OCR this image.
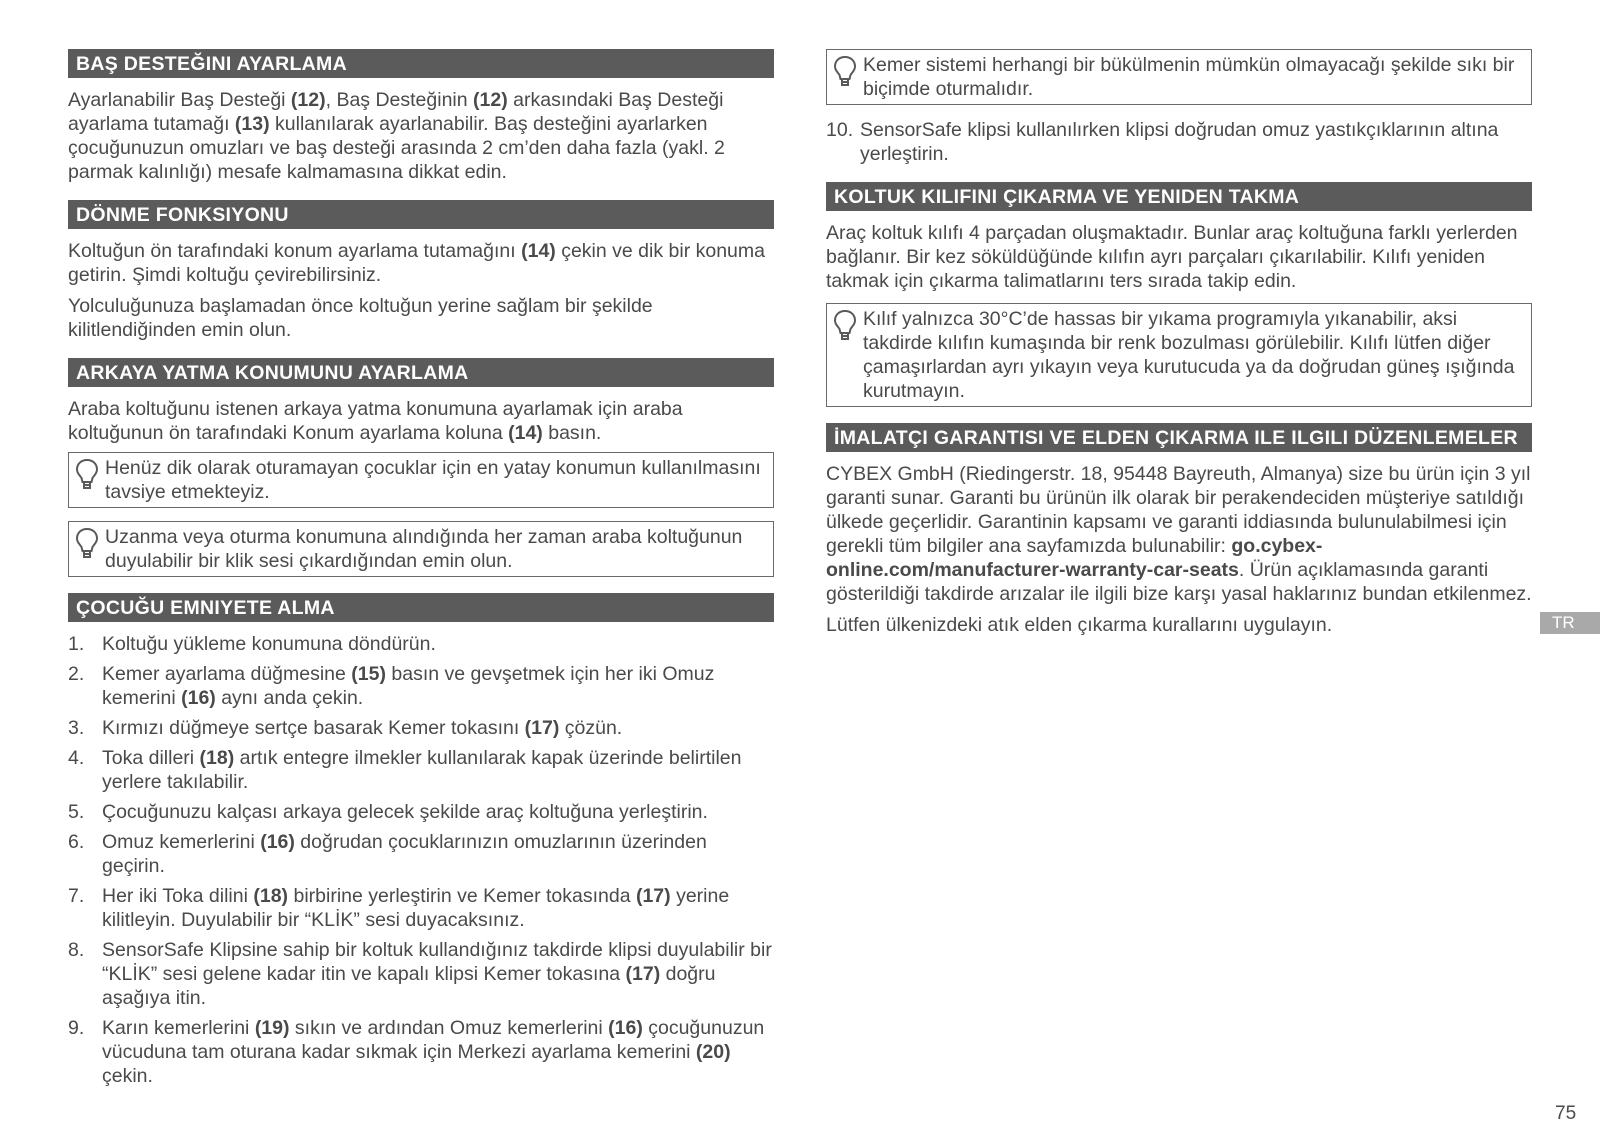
BAŞ DESTEĞINI AYARLAMA

Ayarlanabilir Baş Desteği (12), Baş Desteğinin (12) arkasındaki Baş Desteği ayarlama tutamağı (13) kullanılarak ayarlanabilir. Baş desteğini ayarlarken çocuğunuzun omuzları ve baş desteği arasında 2 cm’den daha fazla (yakl. 2 parmak kalınlığı) mesafe kalmamasına dikkat edin.

DÖNME FONKSIYONU

Koltuğun ön tarafındaki konum ayarlama tutamağını (14) çekin ve dik bir konuma getirin. Şimdi koltuğu çevirebilirsiniz.

Yolculuğunuza başlamadan önce koltuğun yerine sağlam bir şekilde kilitlendiğinden emin olun.

ARKAYA YATMA KONUMUNU AYARLAMA

Araba koltuğunu istenen arkaya yatma konumuna ayarlamak için araba koltuğunun ön tarafındaki Konum ayarlama koluna (14) basın.

Henüz dik olarak oturamayan çocuklar için en yatay konumun kullanılmasını tavsiye etmekteyiz.
Uzanma veya oturma konumuna alındığında her zaman araba koltuğunun duyulabilir bir klik sesi çıkardığından emin olun.
ÇOCUĞU EMNIYETE ALMA
1. Koltuğu yükleme konumuna döndürün.
2. Kemer ayarlama düğmesine (15) basın ve gevşetmek için her iki Omuz kemerini (16) aynı anda çekin.
3. Kırmızı düğmeye sertçe basarak Kemer tokasını (17) çözün.
4. Toka dilleri (18) artık entegre ilmekler kullanılarak kapak üzerinde belirtilen yerlere takılabilir.
5. Çocuğunuzu kalçası arkaya gelecek şekilde araç koltuğuna yerleştirin.
6. Omuz kemerlerini (16) doğrudan çocuklarınızın omuzlarının üzerinden geçirin.
7. Her iki Toka dilini (18) birbirine yerleştirin ve Kemer tokasında (17) yerine kilitleyin. Duyulabilir bir “KLİK” sesi duyacaksınız.
8. SensorSafe Klipsine sahip bir koltuk kullandığınız takdirde klipsi duyulabilir bir “KLİK” sesi gelene kadar itin ve kapalı klipsi Kemer tokasına (17) doğru aşağıya itin.
9. Karın kemerlerini (19) sıkın ve ardından Omuz kemerlerini (16) çocuğunuzun vücuduna tam oturana kadar sıkmak için Merkezi ayarlama kemerini (20) çekin.
Kemer sistemi herhangi bir bükülmenin mümkün olmayacağı şekilde sıkı bir biçimde oturmalıdır.
10. SensorSafe klipsi kullanılırken klipsi doğrudan omuz yastıkçıklarının altına yerleştirin.
KOLTUK KILIFINI ÇIKARMA VE YENIDEN TAKMA

Araç koltuk kılıfı 4 parçadan oluşmaktadır. Bunlar araç koltuğuna farklı yerlerden bağlanır. Bir kez söküldüğünde kılıfın ayrı parçaları çıkarılabilir. Kılıfı yeniden takmak için çıkarma talimatlarını ters sırada takip edin.

Kılıf yalnızca 30°C’de hassas bir yıkama programıyla yıkanabilir, aksi takdirde kılıfın kumaşında bir renk bozulması görülebilir. Kılıfı lütfen diğer çamaşırlardan ayrı yıkayın veya kurutucuda ya da doğrudan güneş ışığında kurutmayın.
İMALATÇI GARANTISI VE ELDEN ÇIKARMA ILE ILGILI DÜZENLEMELER

CYBEX GmbH (Riedingerstr. 18, 95448 Bayreuth, Almanya) size bu ürün için 3 yıl garanti sunar. Garanti bu ürünün ilk olarak bir perakendeciden müşteriye satıldığı ülkede geçerlidir. Garantinin kapsamı ve garanti iddiasında bulunulabilmesi için gerekli tüm bilgiler ana sayfamızda bulunabilir: go.cybex-online.com/manufacturer-warranty-car-seats. Ürün açıklamasında garanti gösterildiği takdirde arızalar ile ilgili bize karşı yasal haklarınız bundan etkilenmez.

Lütfen ülkenizdeki atık elden çıkarma kurallarını uygulayın.	TR
75
